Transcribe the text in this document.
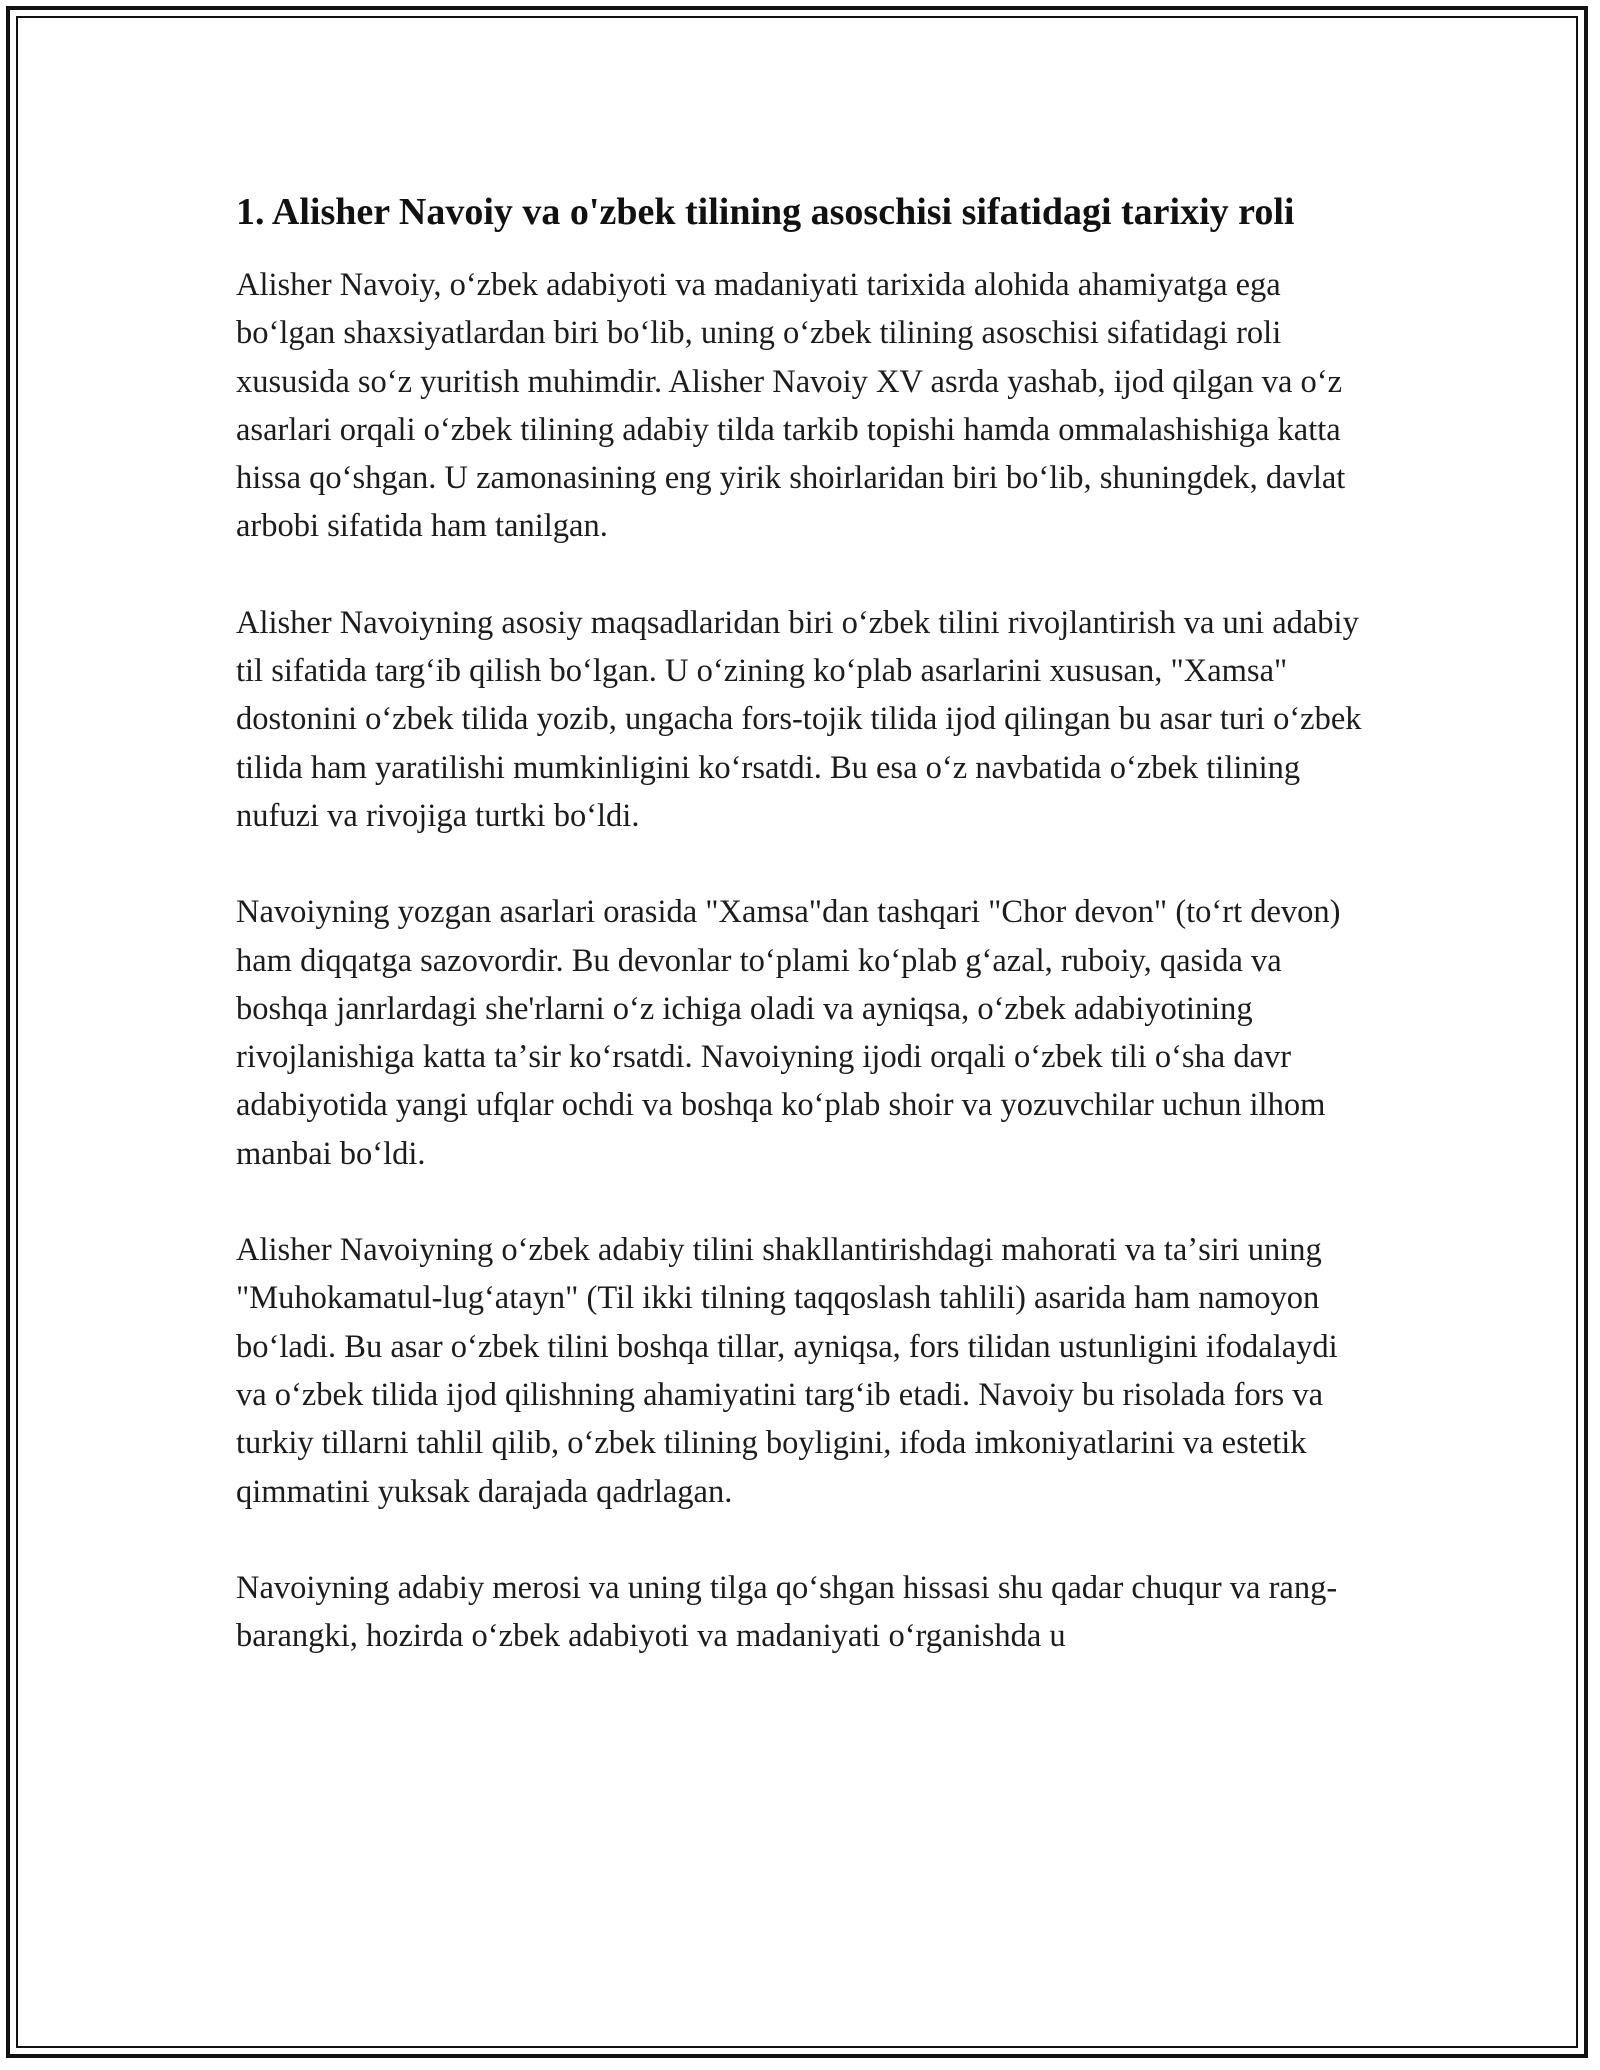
1. Alisher Navoiy va o'zbek tilining asoschisi sifatidagi tarixiy roli

Alisher Navoiy, oʻzbek adabiyoti va madaniyati tarixida alohida ahamiyatga ega boʻlgan shaxsiyatlardan biri boʻlib, uning oʻzbek tilining asoschisi sifatidagi roli xususida soʻz yuritish muhimdir. Alisher Navoiy XV asrda yashab, ijod qilgan va oʻz asarlari orqali oʻzbek tilining adabiy tilda tarkib topishi hamda ommalashishiga katta hissa qoʻshgan. U zamonasining eng yirik shoirlaridan biri boʻlib, shuningdek, davlat arbobi sifatida ham tanilgan.

Alisher Navoiyning asosiy maqsadlaridan biri oʻzbek tilini rivojlantirish va uni adabiy til sifatida targʻib qilish boʻlgan. U oʻzining koʻplab asarlarini xususan, "Xamsa" dostonini oʻzbek tilida yozib, ungacha fors-tojik tilida ijod qilingan bu asar turi oʻzbek tilida ham yaratilishi mumkinligini koʻrsatdi. Bu esa oʻz navbatida oʻzbek tilining nufuzi va rivojiga turtki boʻldi.

Navoiyning yozgan asarlari orasida "Xamsa"dan tashqari "Chor devon" (toʻrt devon) ham diqqatga sazovordir. Bu devonlar toʻplami koʻplab gʻazal, ruboiy, qasida va boshqa janrlardagi she'rlarni oʻz ichiga oladi va ayniqsa, oʻzbek adabiyotining rivojlanishiga katta taʼsir koʻrsatdi. Navoiyning ijodi orqali oʻzbek tili oʻsha davr adabiyotida yangi ufqlar ochdi va boshqa koʻplab shoir va yozuvchilar uchun ilhom manbai boʻldi.

Alisher Navoiyning oʻzbek adabiy tilini shakllantirishdagi mahorati va taʼsiri uning "Muhokamatul-lugʻatayn" (Til ikki tilning taqqoslash tahlili) asarida ham namoyon boʻladi. Bu asar oʻzbek tilini boshqa tillar, ayniqsa, fors tilidan ustunligini ifodalaydi va oʻzbek tilida ijod qilishning ahamiyatini targʻib etadi. Navoiy bu risolada fors va turkiy tillarni tahlil qilib, oʻzbek tilining boyligini, ifoda imkoniyatlarini va estetik qimmatini yuksak darajada qadrlagan.

Navoiyning adabiy merosi va uning tilga qoʻshgan hissasi shu qadar chuqur va rang-barangki, hozirda oʻzbek adabiyoti va madaniyati oʻrganishda u
